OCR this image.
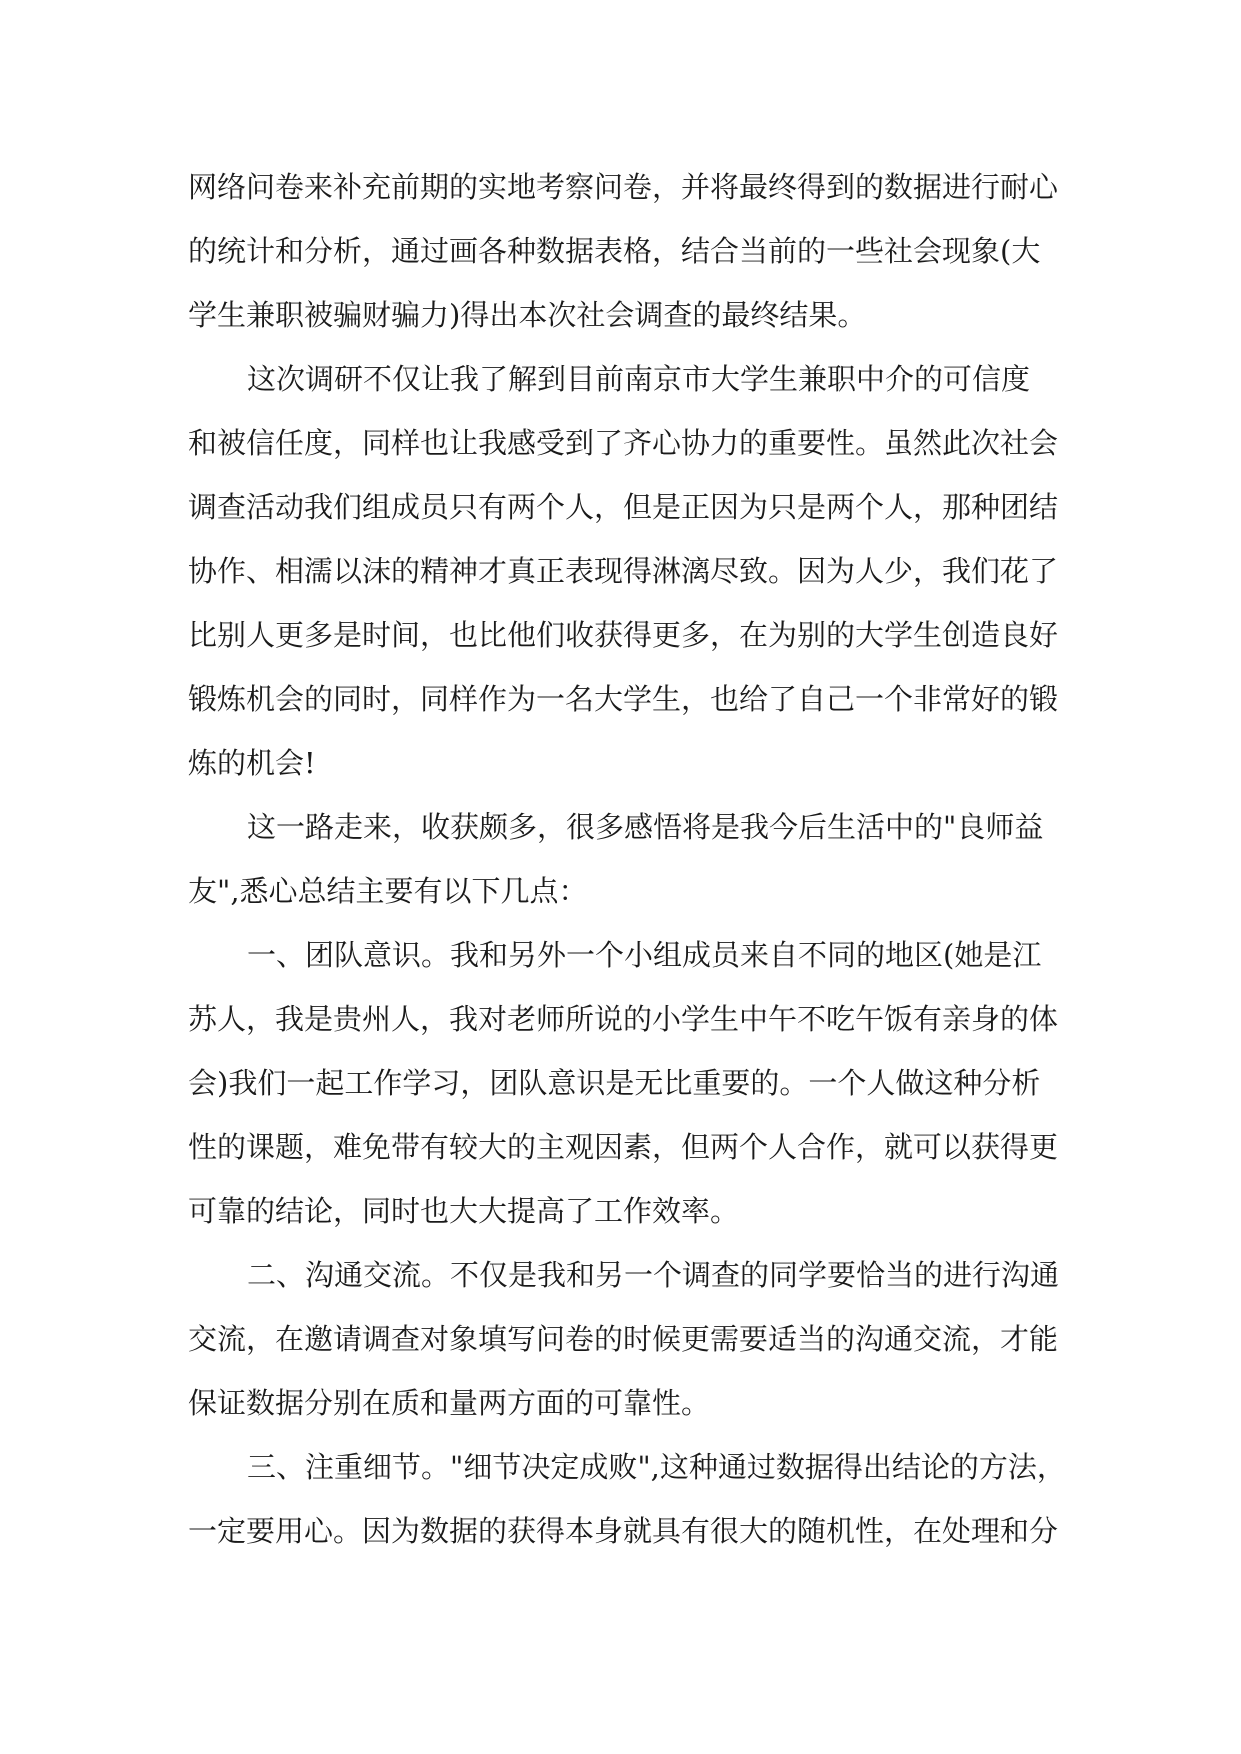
网络问卷来补充前期的实地考察问卷，并将最终得到的数据进行耐心
的统计和分析，通过画各种数据表格，结合当前的一些社会现象(大
学生兼职被骗财骗力)得出本次社会调查的最终结果。
这次调研不仅让我了解到目前南京市大学生兼职中介的可信度
和被信任度，同样也让我感受到了齐心协力的重要性。虽然此次社会
调查活动我们组成员只有两个人，但是正因为只是两个人，那种团结
协作、相濡以沫的精神才真正表现得淋漓尽致。因为人少，我们花了
比别人更多是时间，也比他们收获得更多，在为别的大学生创造良好
锻炼机会的同时，同样作为一名大学生，也给了自己一个非常好的锻
炼的机会!
这一路走来，收获颇多，很多感悟将是我今后生活中的"良师益
友",悉心总结主要有以下几点：
一、团队意识。我和另外一个小组成员来自不同的地区(她是江
苏人，我是贵州人，我对老师所说的小学生中午不吃午饭有亲身的体
会)我们一起工作学习，团队意识是无比重要的。一个人做这种分析
性的课题，难免带有较大的主观因素，但两个人合作，就可以获得更
可靠的结论，同时也大大提高了工作效率。
二、沟通交流。不仅是我和另一个调查的同学要恰当的进行沟通
交流，在邀请调查对象填写问卷的时候更需要适当的沟通交流，才能
保证数据分别在质和量两方面的可靠性。
三、注重细节。"细节决定成败",这种通过数据得出结论的方法，
一定要用心。因为数据的获得本身就具有很大的随机性，在处理和分
